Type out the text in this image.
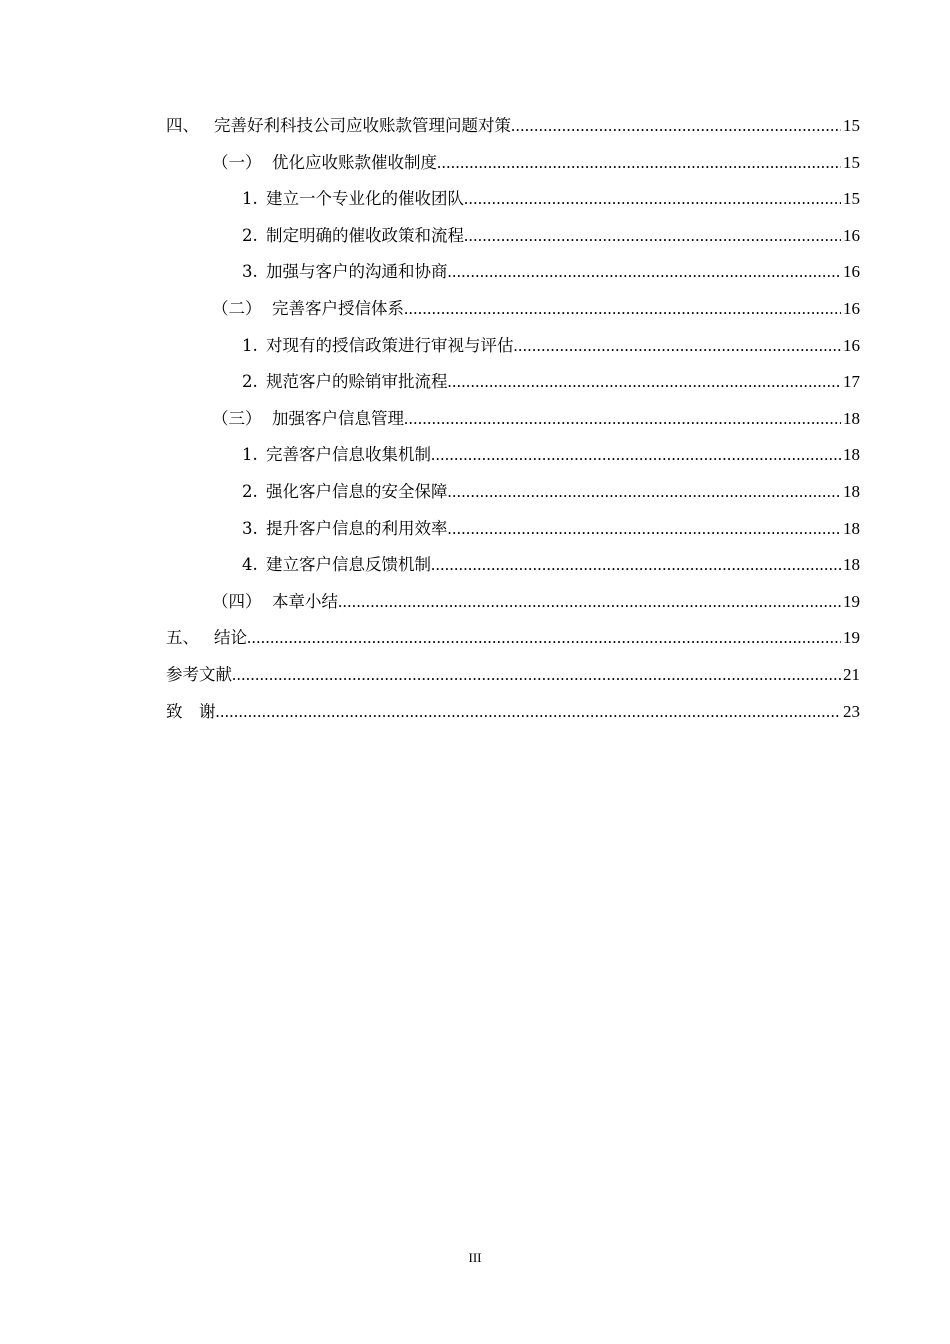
四、 完善好利科技公司应收账款管理问题对策 .....	15
（一） 优化应收账款催收制度 .....	15
1. 建立一个专业化的催收团队 .....	15
2. 制定明确的催收政策和流程 .....	16
3. 加强与客户的沟通和协商 .....	16
（二） 完善客户授信体系 .....	16
1. 对现有的授信政策进行审视与评估 .....	16
2. 规范客户的赊销审批流程 .....	17
（三） 加强客户信息管理 .....	18
1. 完善客户信息收集机制 .....	18
2. 强化客户信息的安全保障 .....	18
3. 提升客户信息的利用效率 .....	18
4. 建立客户信息反馈机制 .....	18
（四） 本章小结 .....	19
五、 结论 .....	19
参考文献 .....	21
致　谢 .....	23
III
